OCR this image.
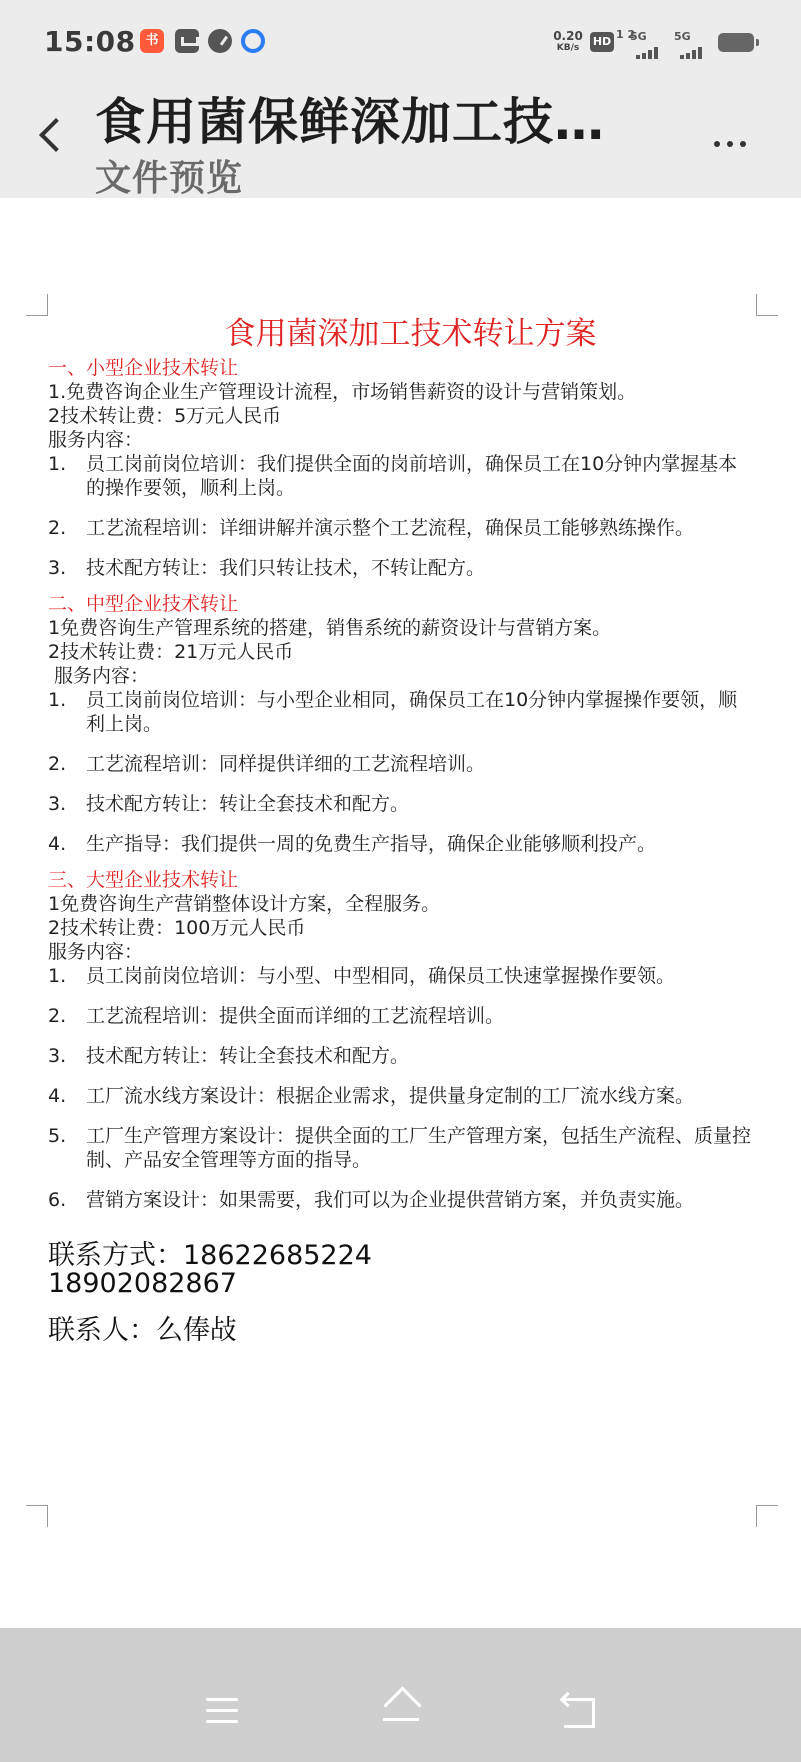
15:08 书	0.20
KB/s	HD
1 2
5G 5G
食用菌保鲜深加工技…
文件预览
食用菌深加工技术转让方案
一、小型企业技术转让
1.免费咨询企业生产管理设计流程，市场销售薪资的设计与营销策划。
2技术转让费：5万元人民币
服务内容：
1. 员工岗前岗位培训：我们提供全面的岗前培训，确保员工在10分钟内掌握基本的操作要领，顺利上岗。
2. 工艺流程培训：详细讲解并演示整个工艺流程，确保员工能够熟练操作。
3. 技术配方转让：我们只转让技术，不转让配方。
二、中型企业技术转让
1免费咨询生产管理系统的搭建，销售系统的薪资设计与营销方案。
2技术转让费：21万元人民币
服务内容：
1. 员工岗前岗位培训：与小型企业相同，确保员工在10分钟内掌握操作要领，顺利上岗。
2. 工艺流程培训：同样提供详细的工艺流程培训。
3. 技术配方转让：转让全套技术和配方。
4. 生产指导：我们提供一周的免费生产指导，确保企业能够顺利投产。
三、大型企业技术转让
1免费咨询生产营销整体设计方案，全程服务。
2技术转让费：100万元人民币
服务内容：
1. 员工岗前岗位培训：与小型、中型相同，确保员工快速掌握操作要领。
2. 工艺流程培训：提供全面而详细的工艺流程培训。
3. 技术配方转让：转让全套技术和配方。
4. 工厂流水线方案设计：根据企业需求，提供量身定制的工厂流水线方案。
5. 工厂生产管理方案设计：提供全面的工厂生产管理方案，包括生产流程、质量控制、产品安全管理等方面的指导。
6. 营销方案设计：如果需要，我们可以为企业提供营销方案，并负责实施。
联系方式：18622685224
18902082867
联系人：么俸敁
